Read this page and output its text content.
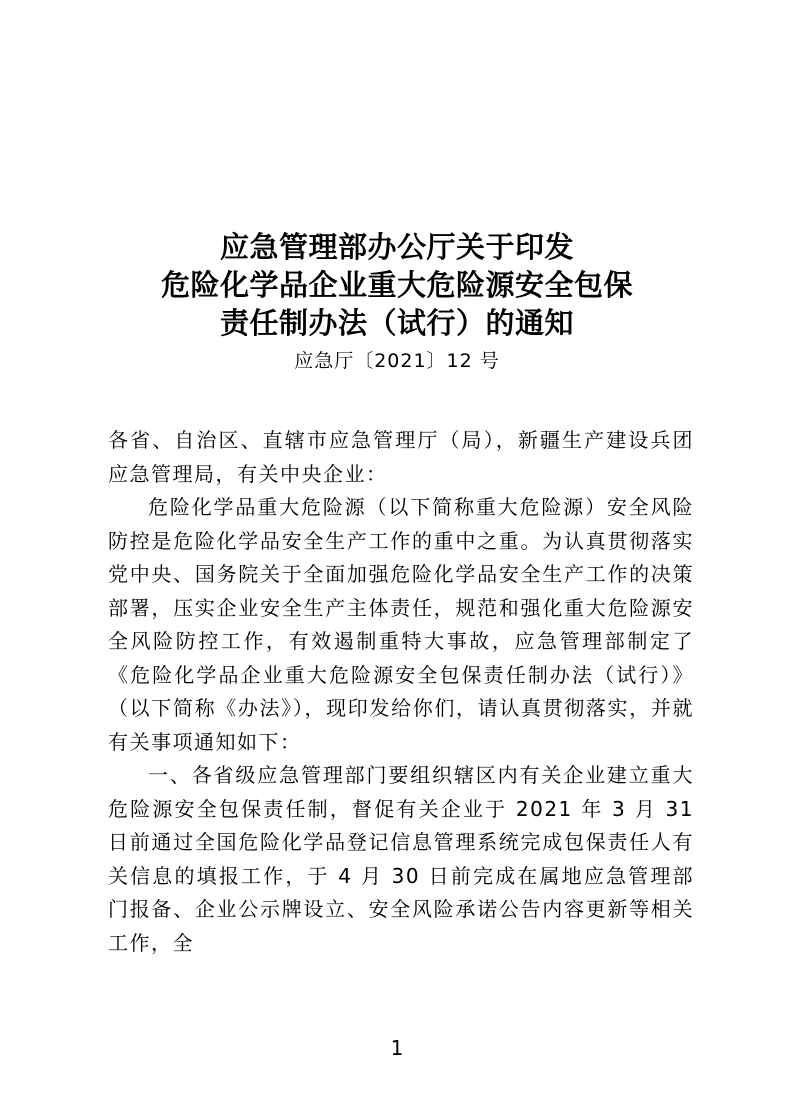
应急管理部办公厅关于印发
危险化学品企业重大危险源安全包保
责任制办法（试行）的通知
应急厅〔2021〕12 号

各省、自治区、直辖市应急管理厅（局），新疆生产建设兵团应急管理局，有关中央企业：

危险化学品重大危险源（以下简称重大危险源）安全风险防控是危险化学品安全生产工作的重中之重。为认真贯彻落实党中央、国务院关于全面加强危险化学品安全生产工作的决策部署，压实企业安全生产主体责任，规范和强化重大危险源安全风险防控工作，有效遏制重特大事故，应急管理部制定了《危险化学品企业重大危险源安全包保责任制办法（试行）》（以下简称《办法》），现印发给你们，请认真贯彻落实，并就有关事项通知如下：

一、各省级应急管理部门要组织辖区内有关企业建立重大危险源安全包保责任制，督促有关企业于 2021 年 3 月 31 日前通过全国危险化学品登记信息管理系统完成包保责任人有关信息的填报工作，于 4 月 30 日前完成在属地应急管理部门报备、企业公示牌设立、安全风险承诺公告内容更新等相关工作，全

1
